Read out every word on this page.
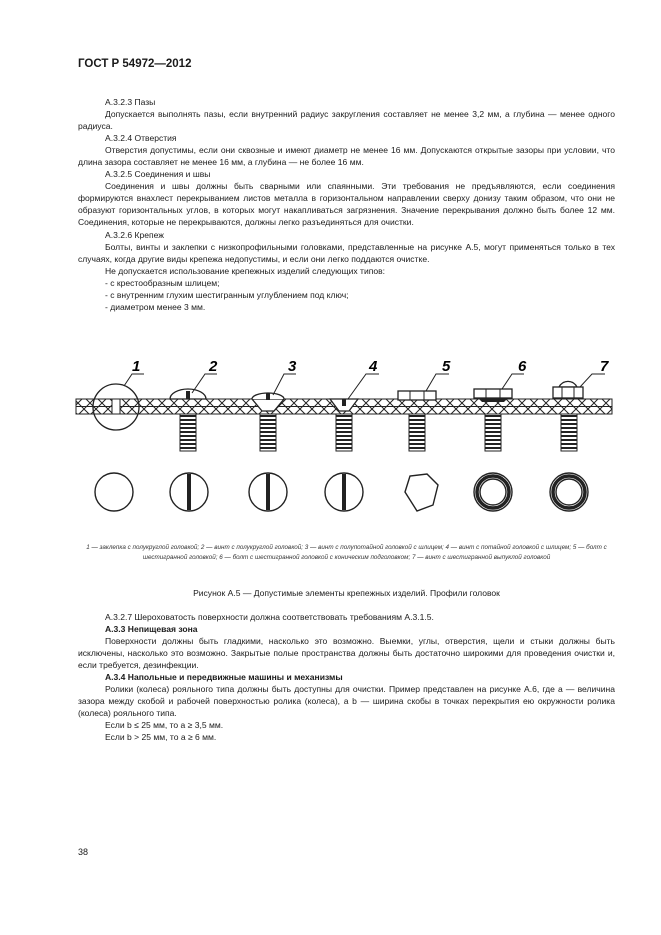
ГОСТ Р 54972—2012

А.3.2.3 Пазы

Допускается выполнять пазы, если внутренний радиус закругления составляет не менее 3,2 мм, а глубина — менее одного радиуса.

А.3.2.4 Отверстия

Отверстия допустимы, если они сквозные и имеют диаметр не менее 16 мм. Допускаются открытые зазоры при условии, что длина зазора составляет не менее 16 мм, а глубина — не более 16 мм.

А.3.2.5 Соединения и швы

Соединения и швы должны быть сварными или спаянными. Эти требования не предъявляются, если соединения формируются внахлест перекрыванием листов металла в горизонтальном направлении сверху донизу таким образом, что они не образуют горизонтальных углов, в которых могут накапливаться загрязнения. Значение перекрывания должно быть более 12 мм. Соединения, которые не перекрываются, должны легко разъединяться для очистки.

А.3.2.6 Крепеж

Болты, винты и заклепки с низкопрофильными головками, представленные на рисунке А.5, могут применяться только в тех случаях, когда другие виды крепежа недопустимы, и если они легко поддаются очистке.

Не допускается использование крепежных изделий следующих типов:

- с крестообразным шлицем;

- с внутренним глухим шестигранным углублением под ключ;

- диаметром менее 3 мм.

1	2	3	4	5	6	7
1 — заклепка с полукруглой головкой; 2 — винт с полукруглой головкой; 3 — винт с полупотайной головкой с шлицем; 4 — винт с потайной головкой с шлицем; 5 — болт с шестигранной головкой; 6 — болт с шестигранной головкой с коническим подголовком; 7 — винт с шестигранной выпуклой головкой
Рисунок А.5 — Допустимые элементы крепежных изделий. Профили головок

А.3.2.7 Шероховатость поверхности должна соответствовать требованиям А.3.1.5.

А.3.3 Непищевая зона

Поверхности должны быть гладкими, насколько это возможно. Выемки, углы, отверстия, щели и стыки должны быть исключены, насколько это возможно. Закрытые полые пространства должны быть достаточно широкими для проведения очистки и, если требуется, дезинфекции.

А.3.4 Напольные и передвижные машины и механизмы

Ролики (колеса) рояльного типа должны быть доступны для очистки. Пример представлен на рисунке А.6, где а — величина зазора между скобой и рабочей поверхностью ролика (колеса), а b — ширина скобы в точках перекрытия ею окружности ролика (колеса) рояльного типа.

Если b ≤ 25 мм, то a ≥ 3,5 мм.

Если b > 25 мм, то a ≥ 6 мм.

38
